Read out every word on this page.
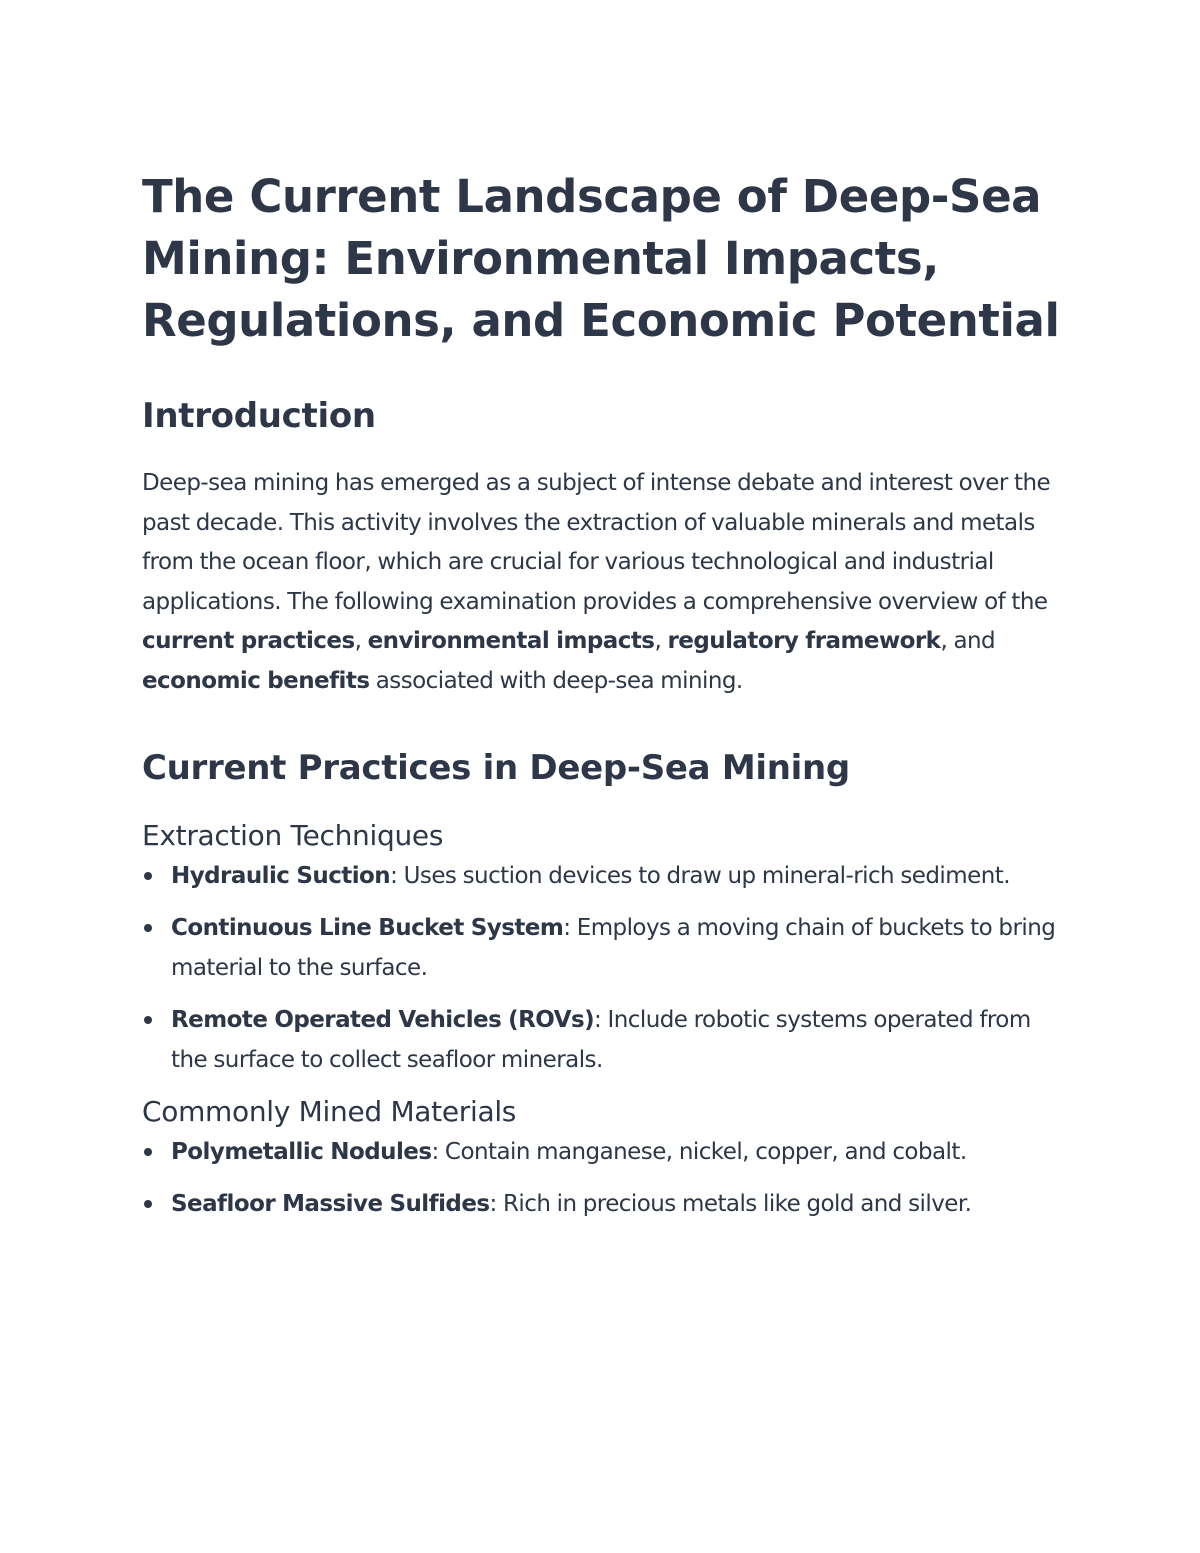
The Current Landscape of Deep-Sea Mining: Environmental Impacts, Regulations, and Economic Potential
Introduction

Deep-sea mining has emerged as a subject of intense debate and interest over the past decade. This activity involves the extraction of valuable minerals and metals from the ocean floor, which are crucial for various technological and industrial applications. The following examination provides a comprehensive overview of the current practices, environmental impacts, regulatory framework, and economic benefits associated with deep-sea mining.

Current Practices in Deep-Sea Mining
Extraction Techniques
Hydraulic Suction: Uses suction devices to draw up mineral-rich sediment.
Continuous Line Bucket System: Employs a moving chain of buckets to bring material to the surface.
Remote Operated Vehicles (ROVs): Include robotic systems operated from the surface to collect seafloor minerals.
Commonly Mined Materials
Polymetallic Nodules: Contain manganese, nickel, copper, and cobalt.
Seafloor Massive Sulfides: Rich in precious metals like gold and silver.
